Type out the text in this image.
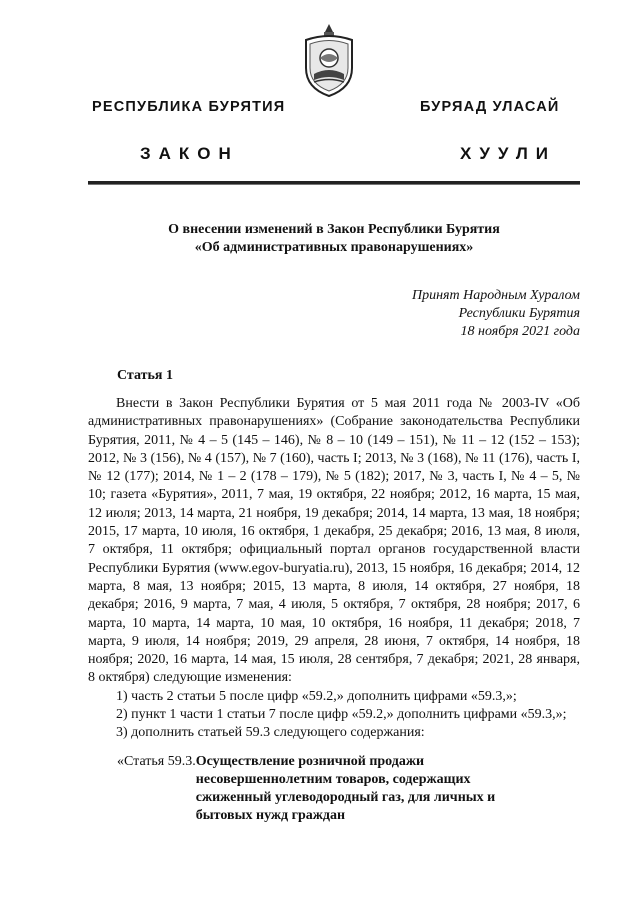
РЕСПУБЛИКА БУРЯТИЯ	БУРЯАД УЛАСАЙ
ЗАКОН	ХУУЛИ
О внесении изменений в Закон Республики Бурятия
«Об административных правонарушениях»
Принят Народным Хуралом
Республики Бурятия
18 ноября 2021 года
Статья 1

Внести в Закон Республики Бурятия от 5 мая 2011 года № 2003-IV «Об административных правонарушениях» (Собрание законодательства Республики Бурятия, 2011, № 4 – 5 (145 – 146), № 8 – 10 (149 – 151), № 11 – 12 (152 – 153); 2012, № 3 (156), № 4 (157), № 7 (160), часть I; 2013, № 3 (168), № 11 (176), часть I, № 12 (177); 2014, № 1 – 2 (178 – 179), № 5 (182); 2017, № 3, часть I, № 4 – 5, № 10; газета «Бурятия», 2011, 7 мая, 19 октября, 22 ноября; 2012, 16 марта, 15 мая, 12 июля; 2013, 14 марта, 21 ноября, 19 декабря; 2014, 14 марта, 13 мая, 18 ноября; 2015, 17 марта, 10 июля, 16 октября, 1 декабря, 25 декабря; 2016, 13 мая, 8 июля, 7 октября, 11 октября; официальный портал органов государственной власти Республики Бурятия (www.egov-buryatia.ru), 2013, 15 ноября, 16 декабря; 2014, 12 марта, 8 мая, 13 ноября; 2015, 13 марта, 8 июля, 14 октября, 27 ноября, 18 декабря; 2016, 9 марта, 7 мая, 4 июля, 5 октября, 7 октября, 28 ноября; 2017, 6 марта, 10 марта, 14 марта, 10 мая, 10 октября, 16 ноября, 11 декабря; 2018, 7 марта, 9 июля, 14 ноября; 2019, 29 апреля, 28 июня, 7 октября, 14 ноября, 18 ноября; 2020, 16 марта, 14 мая, 15 июля, 28 сентября, 7 декабря; 2021, 28 января, 8 октября) следующие изменения:

1) часть 2 статьи 5 после цифр «59.2,» дополнить цифрами «59.3,»;

2) пункт 1 части 1 статьи 7 после цифр «59.2,» дополнить цифрами «59.3,»;

3) дополнить статьей 59.3 следующего содержания:

«Статья 59.3. Осуществление розничной продажи несовершеннолетним товаров, содержащих сжиженный углеводородный газ, для личных и бытовых нужд граждан
